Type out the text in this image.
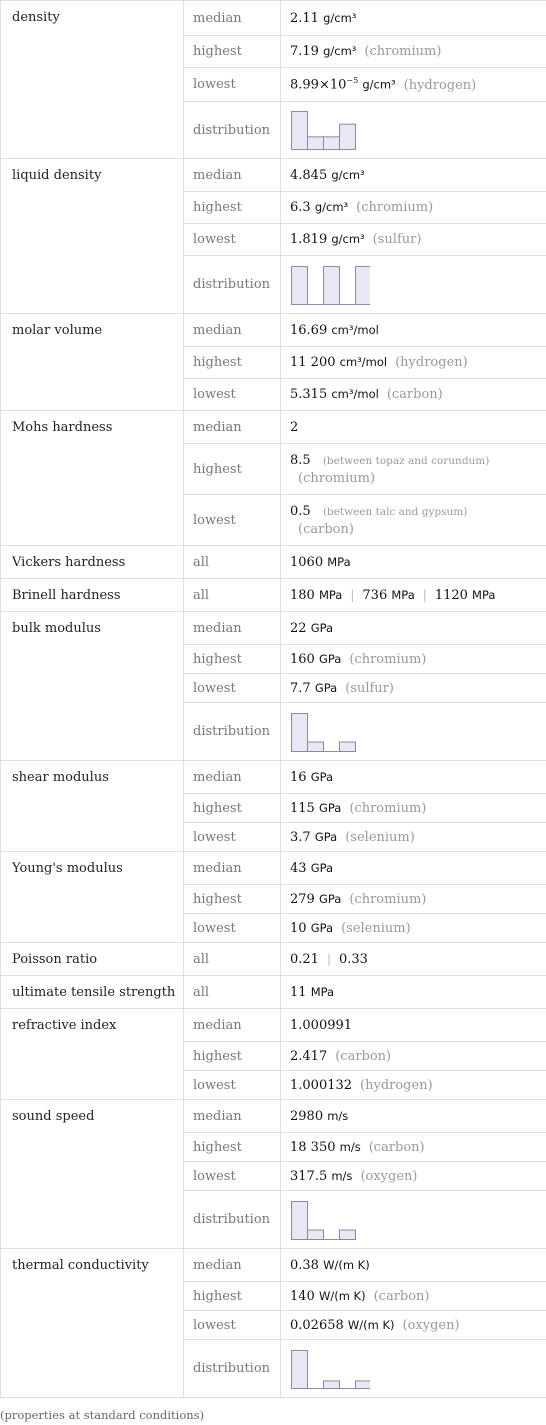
density	median	2.11 g/cm³
	highest	7.19 g/cm³ (chromium)
	lowest	$8.99\times 10^{-5}$ g/cm³ (hydrogen)
	distribution	

liquid density	median	4.845 g/cm³
	highest	6.3 g/cm³ (chromium)
	lowest	1.819 g/cm³ (sulfur)
	distribution	

molar volume	median	16.69 cm³/mol
	highest	11 200 cm³/mol (hydrogen)
	lowest	5.315 cm³/mol (carbon)
Mohs hardness	median	2
	highest	8.5 (between topaz and corundum)
(chromium)
	lowest	0.5 (between talc and gypsum)
(carbon)
Vickers hardness	all	1060 MPa
Brinell hardness	all	180 MPa | 736 MPa | 1120 MPa
bulk modulus	median	22 GPa
	highest	160 GPa (chromium)
	lowest	7.7 GPa (sulfur)
	distribution	

shear modulus	median	16 GPa
	highest	115 GPa (chromium)
	lowest	3.7 GPa (selenium)
Young's modulus	median	43 GPa
	highest	279 GPa (chromium)
	lowest	10 GPa (selenium)
Poisson ratio	all	0.21 | 0.33
ultimate tensile strength	all	11 MPa
refractive index	median	1.000991
	highest	2.417 (carbon)
	lowest	1.000132 (hydrogen)
sound speed	median	2980 m/s
	highest	18 350 m/s (carbon)
	lowest	317.5 m/s (oxygen)
	distribution	

thermal conductivity	median	0.38 W/(m K)
	highest	140 W/(m K) (carbon)
	lowest	0.02658 W/(m K) (oxygen)
	distribution	
(properties at standard conditions)
